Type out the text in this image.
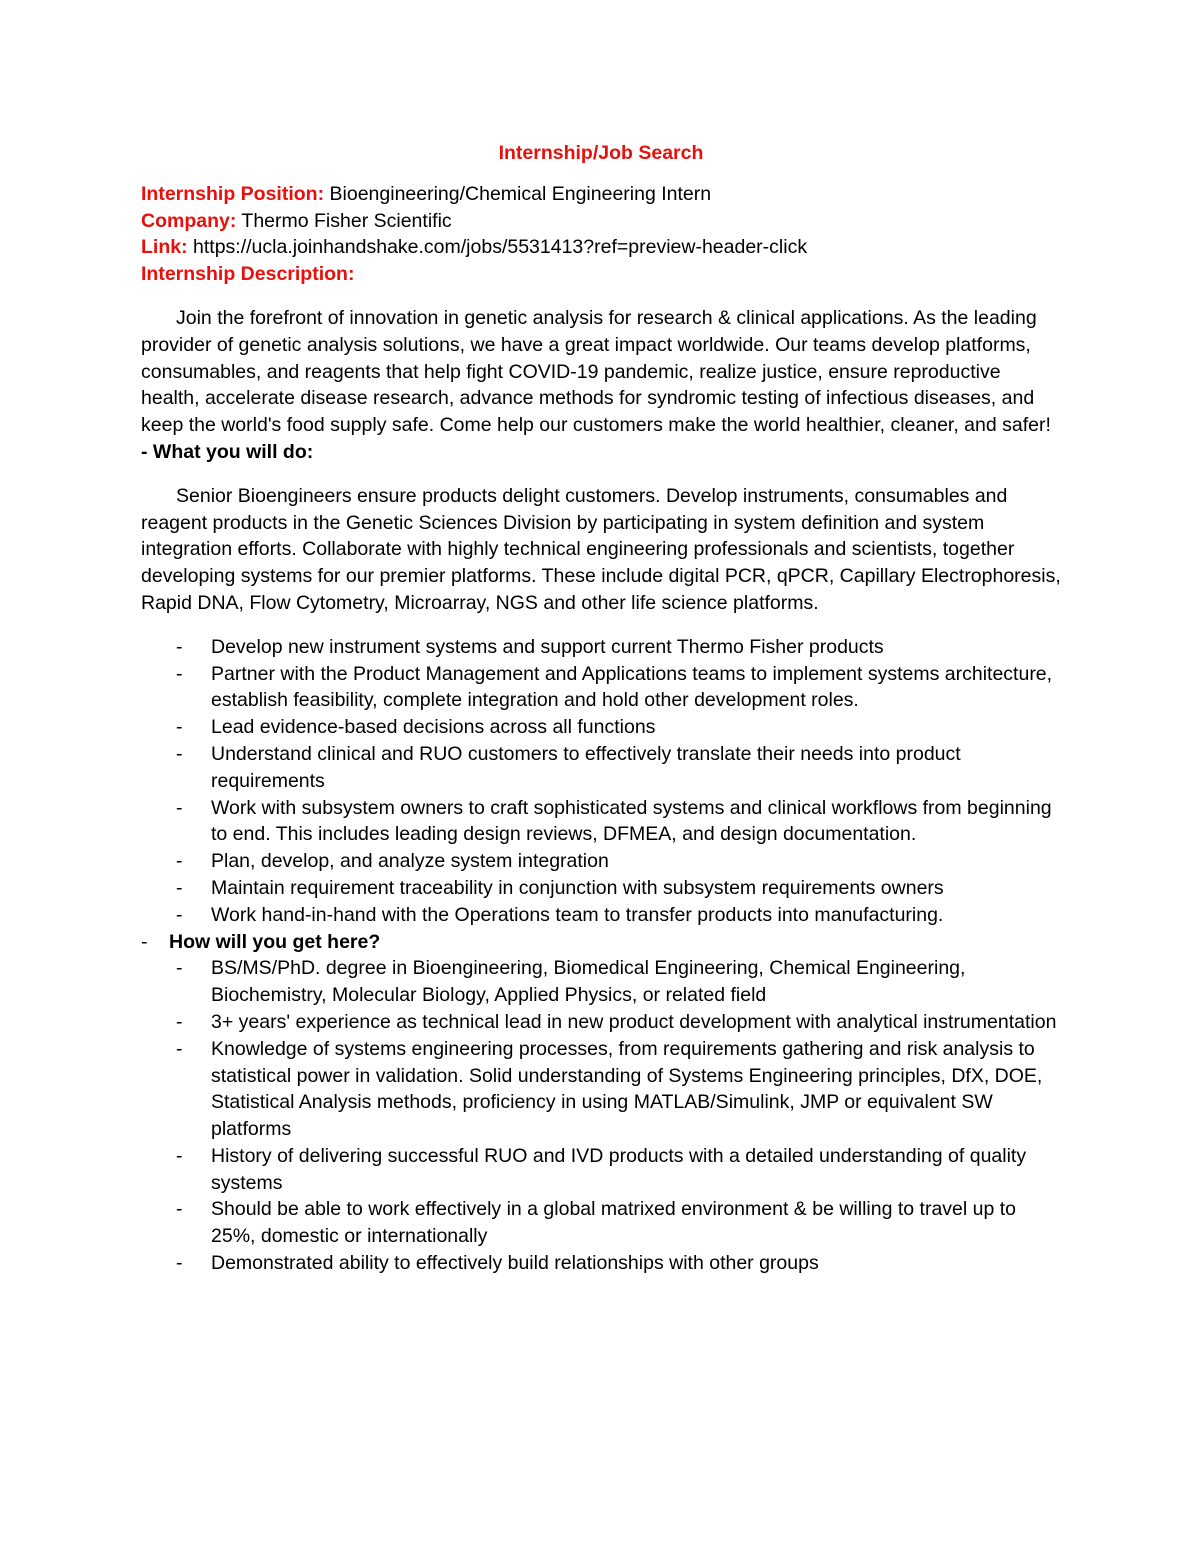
Internship/Job Search
Internship Position: Bioengineering/Chemical Engineering Intern
Company: Thermo Fisher Scientific
Link: https://ucla.joinhandshake.com/jobs/5531413?ref=preview-header-click
Internship Description:

Join the forefront of innovation in genetic analysis for research & clinical applications. As the leading provider of genetic analysis solutions, we have a great impact worldwide. Our teams develop platforms, consumables, and reagents that help fight COVID-19 pandemic, realize justice, ensure reproductive health, accelerate disease research, advance methods for syndromic testing of infectious diseases, and keep the world's food supply safe. Come help our customers make the world healthier, cleaner, and safer!

- What you will do:

Senior Bioengineers ensure products delight customers. Develop instruments, consumables and reagent products in the Genetic Sciences Division by participating in system definition and system integration efforts. Collaborate with highly technical engineering professionals and scientists, together developing systems for our premier platforms. These include digital PCR, qPCR, Capillary Electrophoresis, Rapid DNA, Flow Cytometry, Microarray, NGS and other life science platforms.

- Develop new instrument systems and support current Thermo Fisher products
- Partner with the Product Management and Applications teams to implement systems architecture, establish feasibility, complete integration and hold other development roles.
- Lead evidence-based decisions across all functions
- Understand clinical and RUO customers to effectively translate their needs into product requirements
- Work with subsystem owners to craft sophisticated systems and clinical workflows from beginning to end. This includes leading design reviews, DFMEA, and design documentation.
- Plan, develop, and analyze system integration
- Maintain requirement traceability in conjunction with subsystem requirements owners
- Work hand-in-hand with the Operations team to transfer products into manufacturing.
- How will you get here?
- BS/MS/PhD. degree in Bioengineering, Biomedical Engineering, Chemical Engineering, Biochemistry, Molecular Biology, Applied Physics, or related field
- 3+ years' experience as technical lead in new product development with analytical instrumentation
- Knowledge of systems engineering processes, from requirements gathering and risk analysis to statistical power in validation. Solid understanding of Systems Engineering principles, DfX, DOE, Statistical Analysis methods, proficiency in using MATLAB/Simulink, JMP or equivalent SW platforms
- History of delivering successful RUO and IVD products with a detailed understanding of quality systems
- Should be able to work effectively in a global matrixed environment & be willing to travel up to 25%, domestic or internationally
- Demonstrated ability to effectively build relationships with other groups
